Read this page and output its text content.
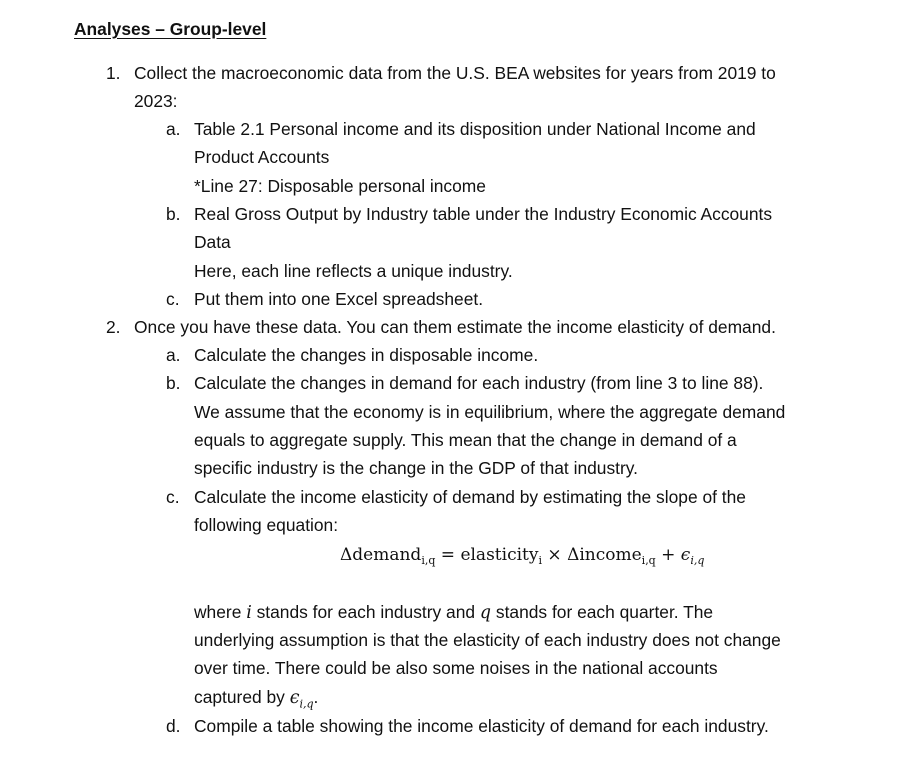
Analyses – Group-level
1. Collect the macroeconomic data from the U.S. BEA websites for years from 2019 to
2023:
a. Table 2.1 Personal income and its disposition under National Income and
Product Accounts
*Line 27: Disposable personal income
b. Real Gross Output by Industry table under the Industry Economic Accounts
Data
Here, each line reflects a unique industry.
c. Put them into one Excel spreadsheet.
2. Once you have these data. You can them estimate the income elasticity of demand.
a. Calculate the changes in disposable income.
b. Calculate the changes in demand for each industry (from line 3 to line 88).
We assume that the economy is in equilibrium, where the aggregate demand
equals to aggregate supply. This mean that the change in demand of a
specific industry is the change in the GDP of that industry.
c. Calculate the income elasticity of demand by estimating the slope of the
following equation:
Δdemand$_{i,q}$ = elasticity$_i$ × Δincome$_{i,q}$ + $\epsilon_{i,q}$
where i stands for each industry and q stands for each quarter. The
underlying assumption is that the elasticity of each industry does not change
over time. There could be also some noises in the national accounts
captured by $\epsilon_{i,q}$.
d. Compile a table showing the income elasticity of demand for each industry.
